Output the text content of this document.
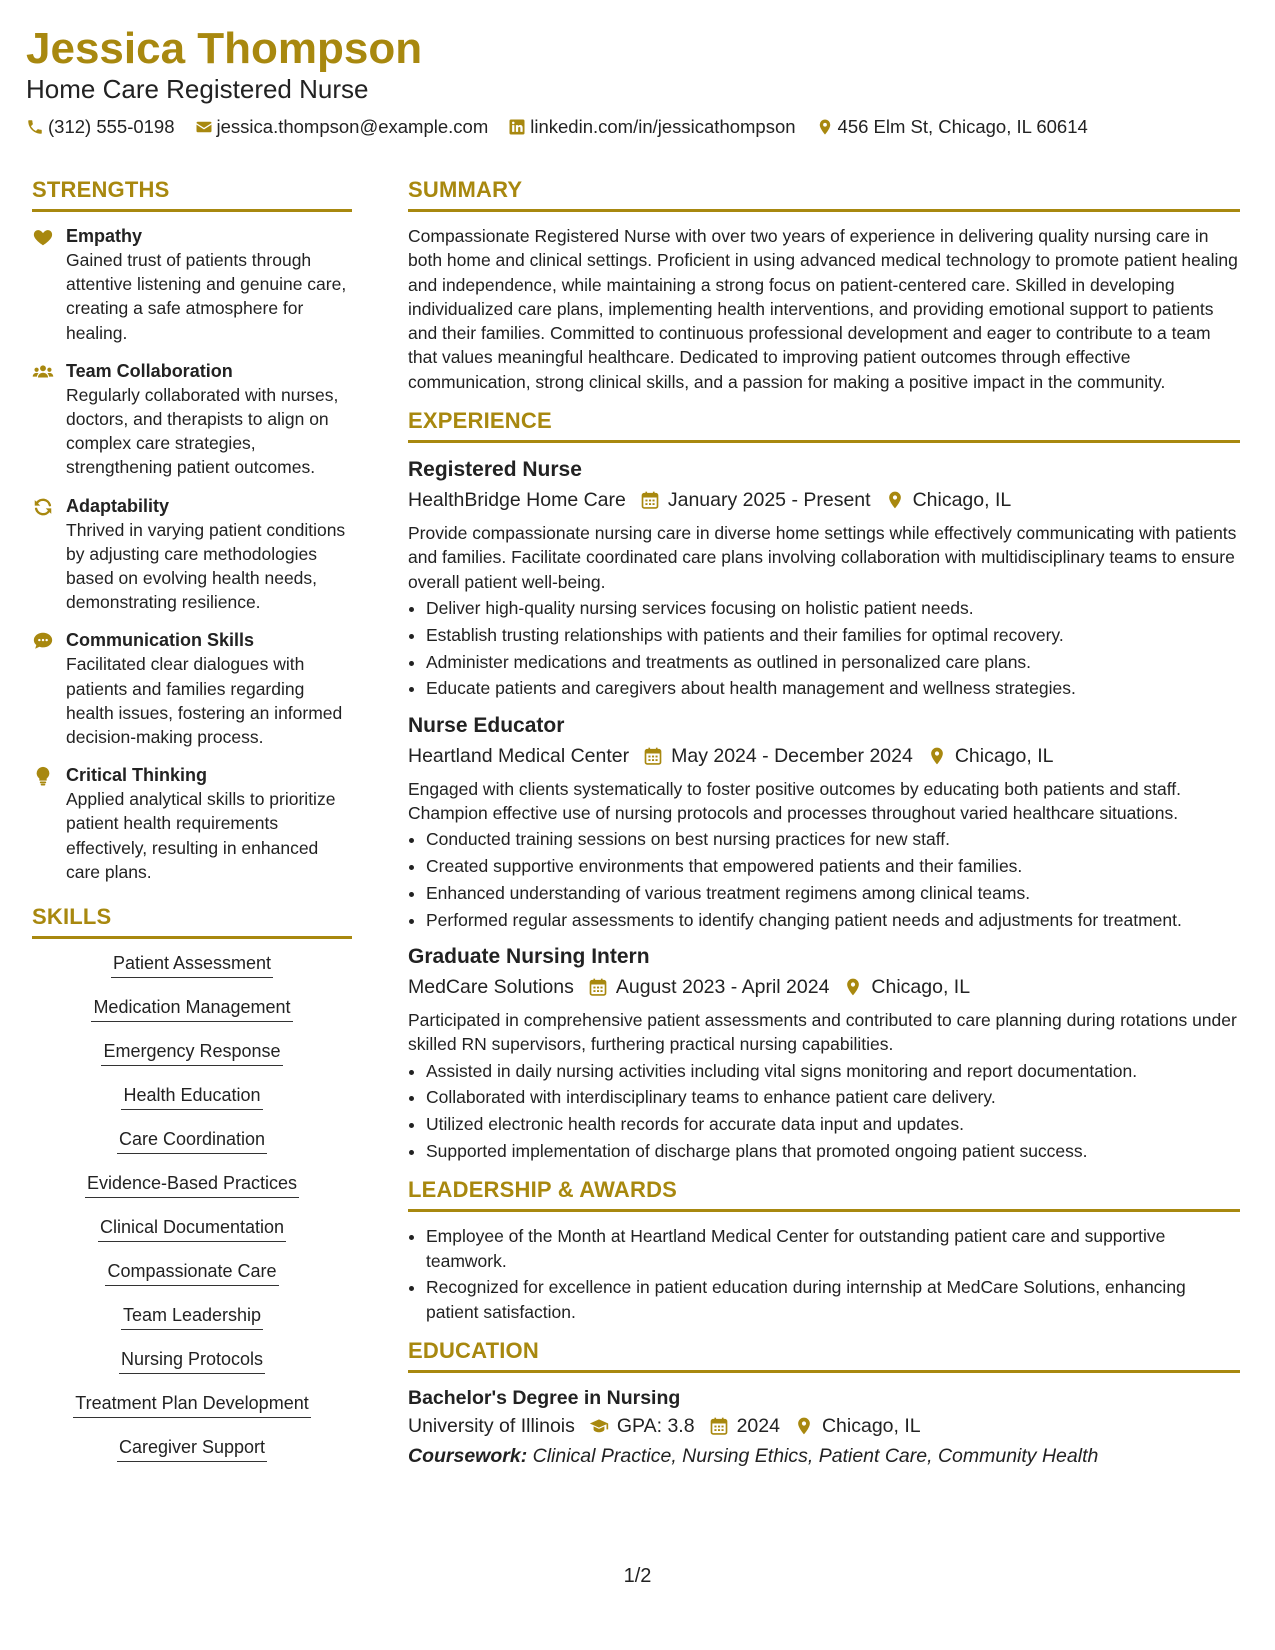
Jessica Thompson
Home Care Registered Nurse
(312) 555-0198 jessica.thompson@example.com linkedin.com/in/jessicathompson 456 Elm St, Chicago, IL 60614
STRENGTHS
Empathy
Gained trust of patients through attentive listening and genuine care, creating a safe atmosphere for healing.
Team Collaboration
Regularly collaborated with nurses, doctors, and therapists to align on complex care strategies, strengthening patient outcomes.
Adaptability
Thrived in varying patient conditions by adjusting care methodologies based on evolving health needs, demonstrating resilience.
Communication Skills
Facilitated clear dialogues with patients and families regarding health issues, fostering an informed decision-making process.
Critical Thinking
Applied analytical skills to prioritize patient health requirements effectively, resulting in enhanced care plans.
SKILLS
Patient Assessment
Medication Management
Emergency Response
Health Education
Care Coordination
Evidence-Based Practices
Clinical Documentation
Compassionate Care
Team Leadership
Nursing Protocols
Treatment Plan Development
Caregiver Support
SUMMARY

Compassionate Registered Nurse with over two years of experience in delivering quality nursing care in both home and clinical settings. Proficient in using advanced medical technology to promote patient healing and independence, while maintaining a strong focus on patient-centered care. Skilled in developing individualized care plans, implementing health interventions, and providing emotional support to patients and their families. Committed to continuous professional development and eager to contribute to a team that values meaningful healthcare. Dedicated to improving patient outcomes through effective communication, strong clinical skills, and a passion for making a positive impact in the community.

EXPERIENCE
Registered Nurse
HealthBridge Home Care January 2025 - Present Chicago, IL

Provide compassionate nursing care in diverse home settings while effectively communicating with patients and families. Facilitate coordinated care plans involving collaboration with multidisciplinary teams to ensure overall patient well-being.

• Deliver high-quality nursing services focusing on holistic patient needs.
• Establish trusting relationships with patients and their families for optimal recovery.
• Administer medications and treatments as outlined in personalized care plans.
• Educate patients and caregivers about health management and wellness strategies.
Nurse Educator
Heartland Medical Center May 2024 - December 2024 Chicago, IL

Engaged with clients systematically to foster positive outcomes by educating both patients and staff. Champion effective use of nursing protocols and processes throughout varied healthcare situations.

• Conducted training sessions on best nursing practices for new staff.
• Created supportive environments that empowered patients and their families.
• Enhanced understanding of various treatment regimens among clinical teams.
• Performed regular assessments to identify changing patient needs and adjustments for treatment.
Graduate Nursing Intern
MedCare Solutions August 2023 - April 2024 Chicago, IL

Participated in comprehensive patient assessments and contributed to care planning during rotations under skilled RN supervisors, furthering practical nursing capabilities.

• Assisted in daily nursing activities including vital signs monitoring and report documentation.
• Collaborated with interdisciplinary teams to enhance patient care delivery.
• Utilized electronic health records for accurate data input and updates.
• Supported implementation of discharge plans that promoted ongoing patient success.
LEADERSHIP & AWARDS
• Employee of the Month at Heartland Medical Center for outstanding patient care and supportive teamwork.
• Recognized for excellence in patient education during internship at MedCare Solutions, enhancing patient satisfaction.
EDUCATION
Bachelor's Degree in Nursing
University of Illinois GPA: 3.8 2024 Chicago, IL
Coursework: Clinical Practice, Nursing Ethics, Patient Care, Community Health
1/2
